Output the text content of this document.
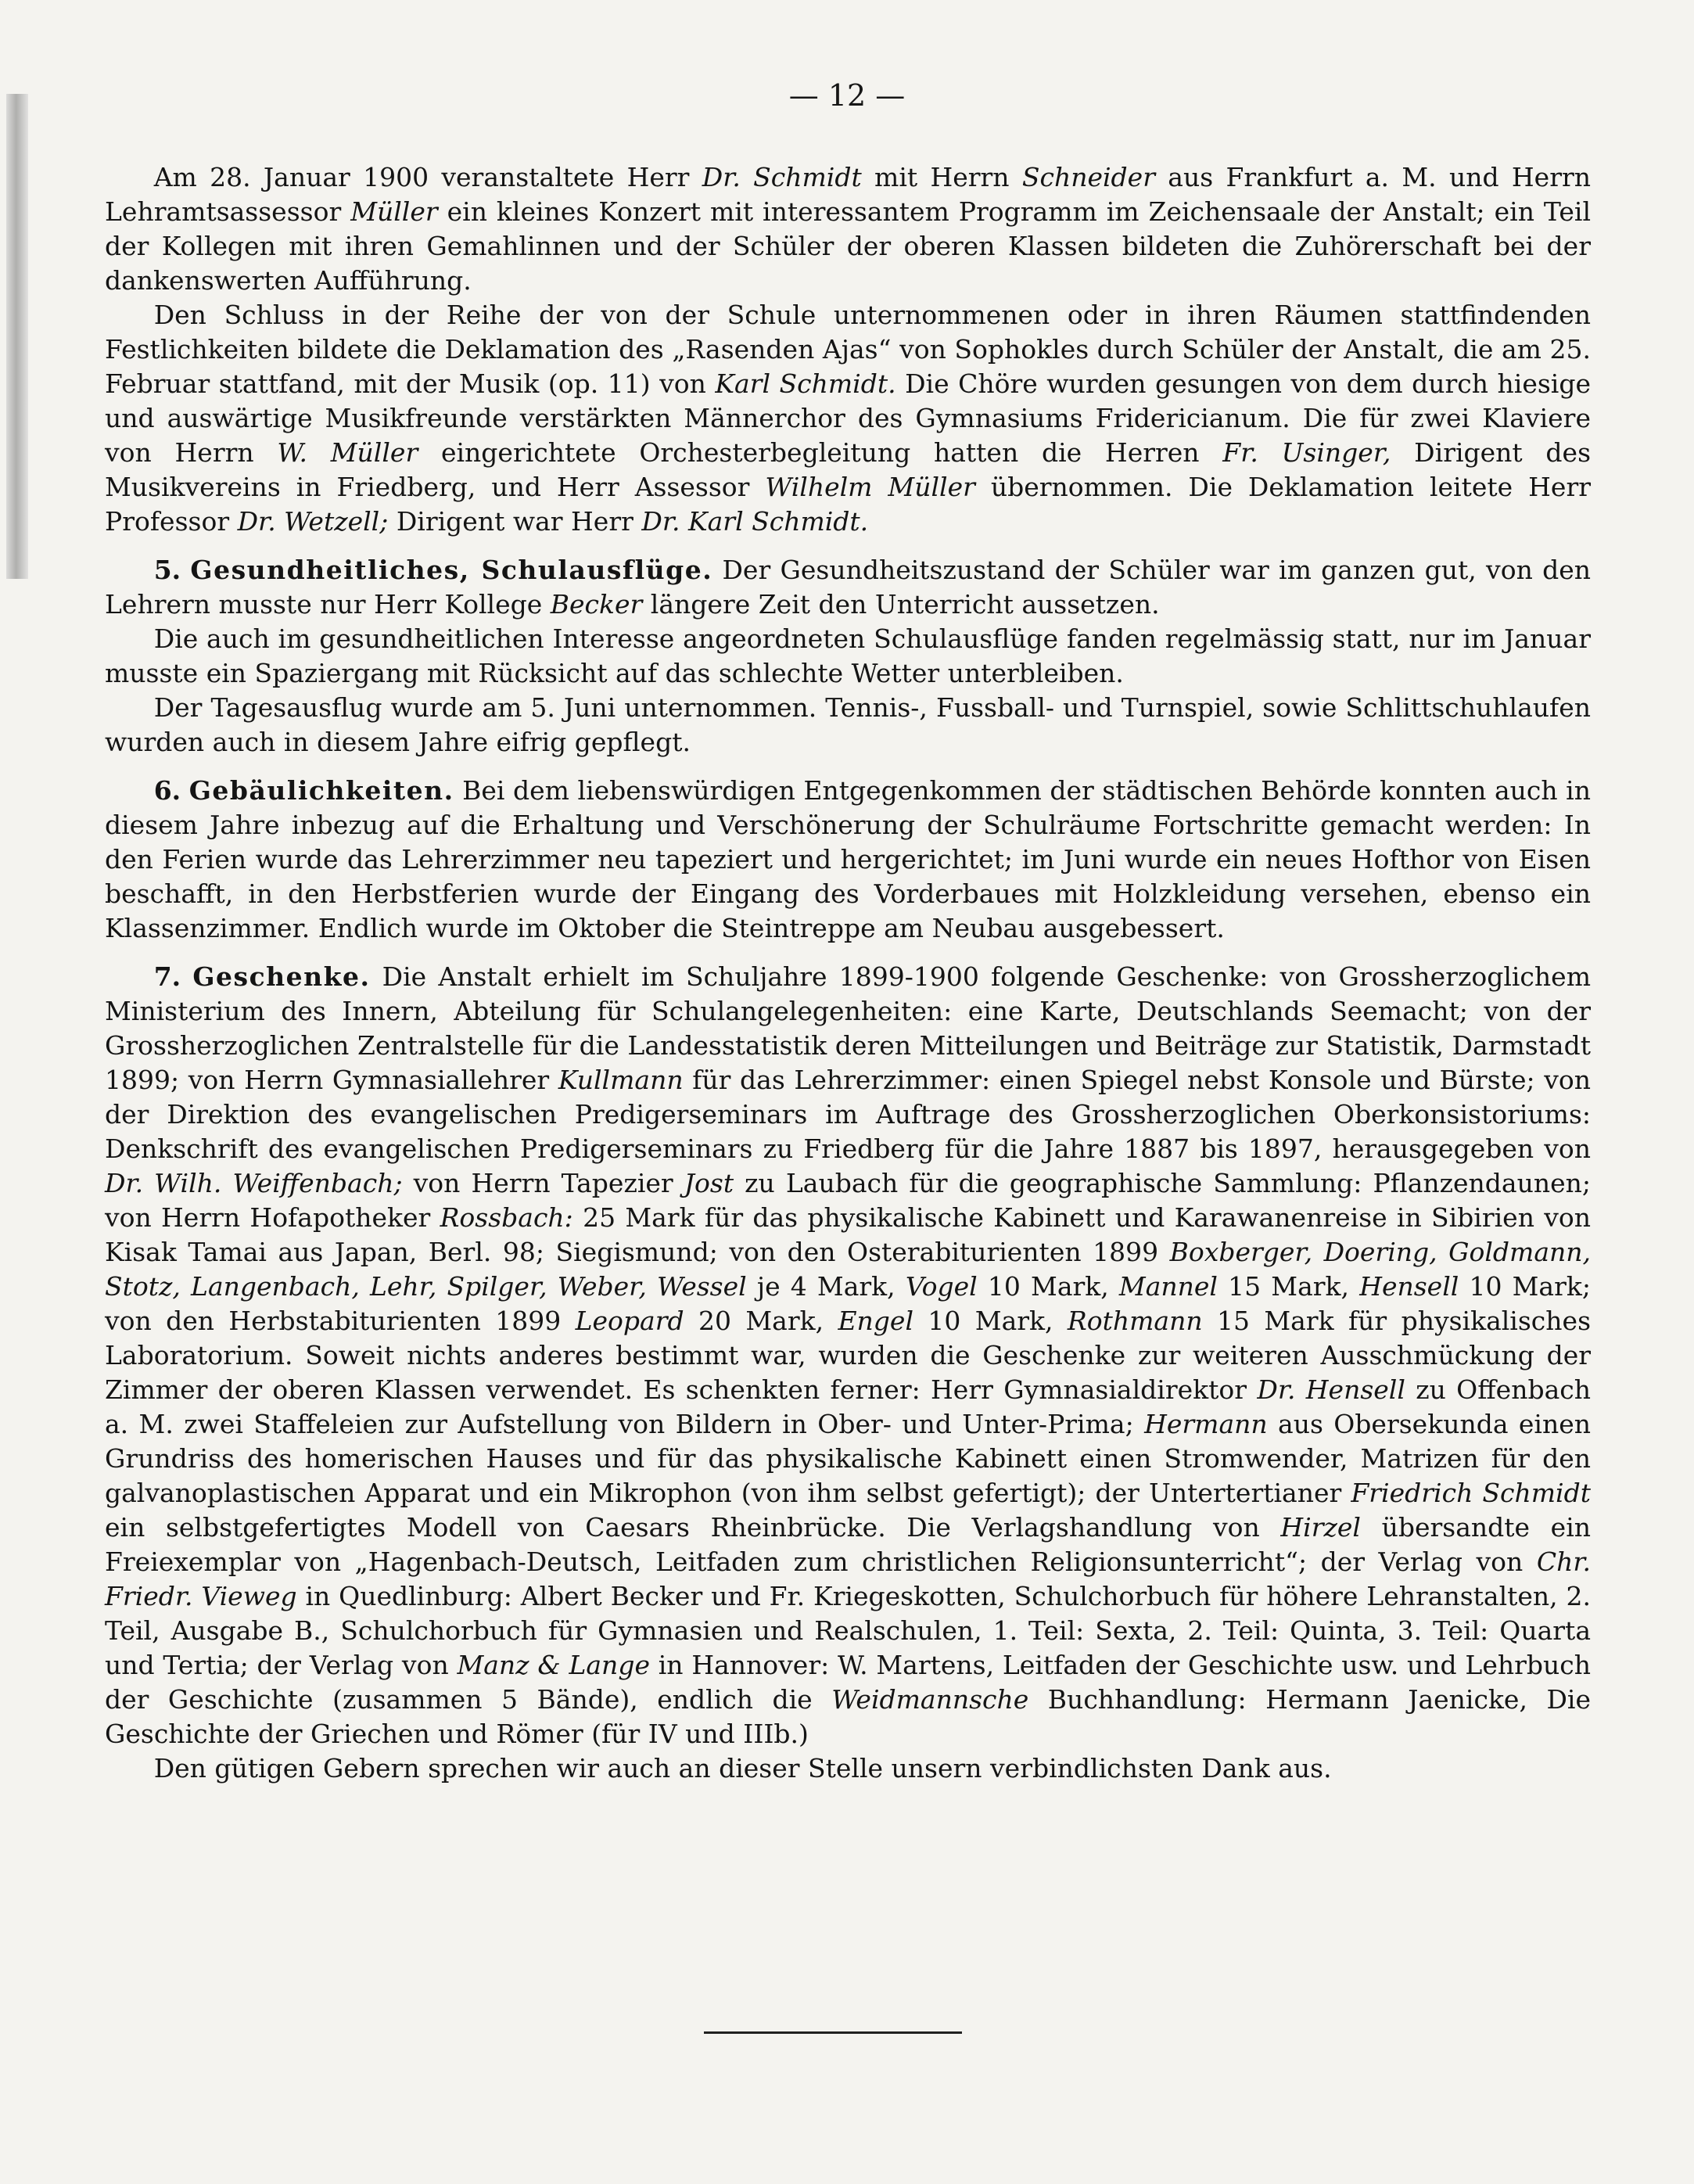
— 12 —

Am 28. Januar 1900 veranstaltete Herr Dr. Schmidt mit Herrn Schneider aus Frankfurt a. M. und Herrn Lehramtsassessor Müller ein kleines Konzert mit interessantem Programm im Zeichensaale der Anstalt; ein Teil der Kollegen mit ihren Gemahlinnen und der Schüler der oberen Klassen bildeten die Zuhörerschaft bei der dankenswerten Aufführung.

Den Schluss in der Reihe der von der Schule unternommenen oder in ihren Räumen stattfindenden Festlichkeiten bildete die Deklamation des „Rasenden Ajas“ von Sophokles durch Schüler der Anstalt, die am 25. Februar stattfand, mit der Musik (op. 11) von Karl Schmidt. Die Chöre wurden gesungen von dem durch hiesige und auswärtige Musikfreunde verstärkten Männerchor des Gymnasiums Fridericianum. Die für zwei Klaviere von Herrn W. Müller eingerichtete Orchesterbegleitung hatten die Herren Fr. Usinger, Dirigent des Musikvereins in Friedberg, und Herr Assessor Wilhelm Müller übernommen. Die Deklamation leitete Herr Professor Dr. Wetzell; Dirigent war Herr Dr. Karl Schmidt.

5. Gesundheitliches, Schulausflüge. Der Gesundheitszustand der Schüler war im ganzen gut, von den Lehrern musste nur Herr Kollege Becker längere Zeit den Unterricht aussetzen.

Die auch im gesundheitlichen Interesse angeordneten Schulausflüge fanden regelmässig statt, nur im Januar musste ein Spaziergang mit Rücksicht auf das schlechte Wetter unterbleiben.

Der Tagesausflug wurde am 5. Juni unternommen. Tennis-, Fussball- und Turnspiel, sowie Schlittschuhlaufen wurden auch in diesem Jahre eifrig gepflegt.

6. Gebäulichkeiten. Bei dem liebenswürdigen Entgegenkommen der städtischen Behörde konnten auch in diesem Jahre inbezug auf die Erhaltung und Verschönerung der Schulräume Fortschritte gemacht werden: In den Ferien wurde das Lehrerzimmer neu tapeziert und hergerichtet; im Juni wurde ein neues Hofthor von Eisen beschafft, in den Herbstferien wurde der Eingang des Vorderbaues mit Holzkleidung versehen, ebenso ein Klassenzimmer. Endlich wurde im Oktober die Steintreppe am Neubau ausgebessert.

7. Geschenke. Die Anstalt erhielt im Schuljahre 1899-1900 folgende Geschenke: von Grossherzoglichem Ministerium des Innern, Abteilung für Schulangelegenheiten: eine Karte, Deutschlands Seemacht; von der Grossherzoglichen Zentralstelle für die Landesstatistik deren Mitteilungen und Beiträge zur Statistik, Darmstadt 1899; von Herrn Gymnasiallehrer Kullmann für das Lehrerzimmer: einen Spiegel nebst Konsole und Bürste; von der Direktion des evangelischen Predigerseminars im Auftrage des Grossherzoglichen Oberkonsistoriums: Denkschrift des evangelischen Predigerseminars zu Friedberg für die Jahre 1887 bis 1897, herausgegeben von Dr. Wilh. Weiffenbach; von Herrn Tapezier Jost zu Laubach für die geographische Sammlung: Pflanzendaunen; von Herrn Hofapotheker Rossbach: 25 Mark für das physikalische Kabinett und Karawanenreise in Sibirien von Kisak Tamai aus Japan, Berl. 98; Siegismund; von den Osterabiturienten 1899 Boxberger, Doering, Goldmann, Stotz, Langenbach, Lehr, Spilger, Weber, Wessel je 4 Mark, Vogel 10 Mark, Mannel 15 Mark, Hensell 10 Mark; von den Herbstabiturienten 1899 Leopard 20 Mark, Engel 10 Mark, Rothmann 15 Mark für physikalisches Laboratorium. Soweit nichts anderes bestimmt war, wurden die Geschenke zur weiteren Ausschmückung der Zimmer der oberen Klassen verwendet. Es schenkten ferner: Herr Gymnasialdirektor Dr. Hensell zu Offenbach a. M. zwei Staffeleien zur Aufstellung von Bildern in Ober- und Unter-Prima; Hermann aus Obersekunda einen Grundriss des homerischen Hauses und für das physikalische Kabinett einen Stromwender, Matrizen für den galvanoplastischen Apparat und ein Mikrophon (von ihm selbst gefertigt); der Untertertianer Friedrich Schmidt ein selbstgefertigtes Modell von Caesars Rheinbrücke. Die Verlagshandlung von Hirzel übersandte ein Freiexemplar von „Hagenbach-Deutsch, Leitfaden zum christlichen Religionsunterricht“; der Verlag von Chr. Friedr. Vieweg in Quedlinburg: Albert Becker und Fr. Kriegeskotten, Schulchorbuch für höhere Lehranstalten, 2. Teil, Ausgabe B., Schulchorbuch für Gymnasien und Realschulen, 1. Teil: Sexta, 2. Teil: Quinta, 3. Teil: Quarta und Tertia; der Verlag von Manz & Lange in Hannover: W. Martens, Leitfaden der Geschichte usw. und Lehrbuch der Geschichte (zusammen 5 Bände), endlich die Weidmannsche Buchhandlung: Hermann Jaenicke, Die Geschichte der Griechen und Römer (für IV und IIIb.)

Den gütigen Gebern sprechen wir auch an dieser Stelle unsern verbindlichsten Dank aus.
